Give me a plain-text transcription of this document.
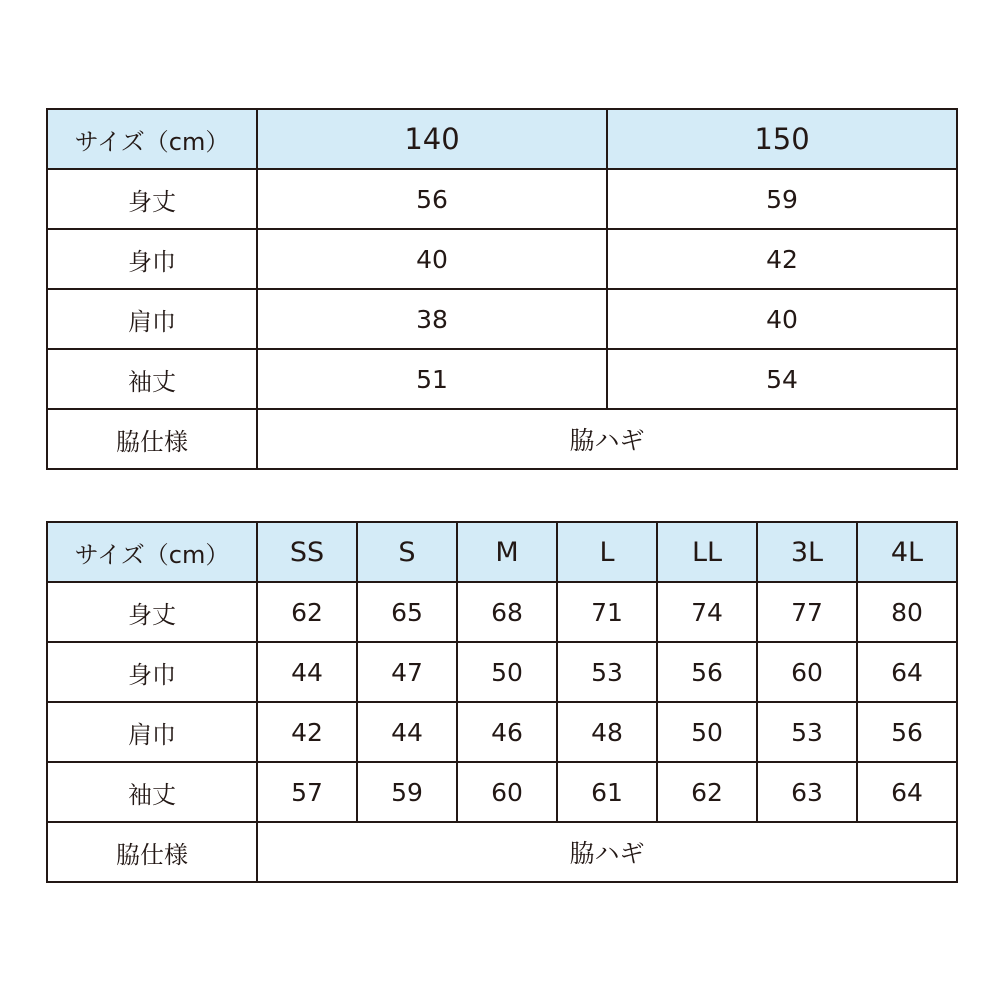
サイズ（cm）	140	150
身丈	56	59
身巾	40	42
肩巾	38	40
袖丈	51	54
脇仕様	脇ハギ	
サイズ（cm）	SS	S	M	L	LL	3L	4L
身丈	62	65	68	71	74	77	80
身巾	44	47	50	53	56	60	64
肩巾	42	44	46	48	50	53	56
袖丈	57	59	60	61	62	63	64
脇仕様	脇ハギ						
